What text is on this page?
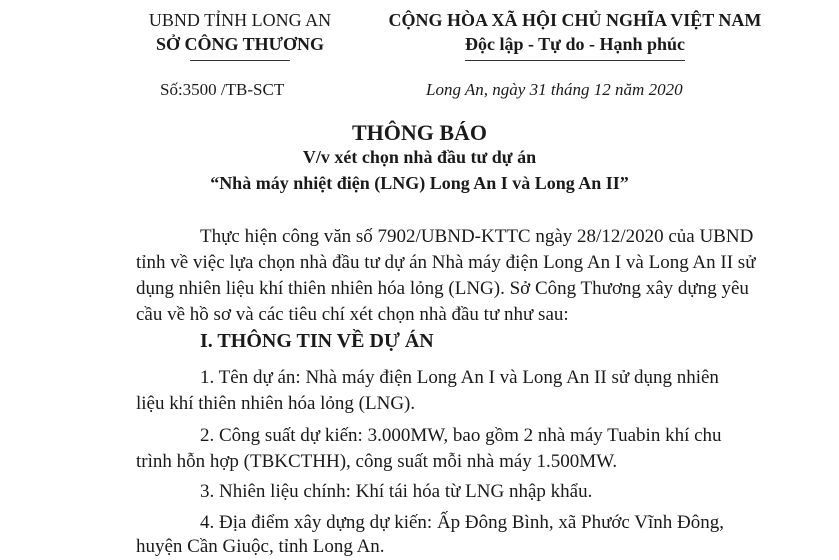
UBND TỈNH LONG AN
SỞ CÔNG THƯƠNG
CỘNG HÒA XÃ HỘI CHỦ NGHĨA VIỆT NAM
Độc lập - Tự do - Hạnh phúc
Số:3500 /TB-SCT	Long An, ngày 31 tháng 12 năm 2020
THÔNG BÁO
V/v xét chọn nhà đầu tư dự án
“Nhà máy nhiệt điện (LNG) Long An I và Long An II”
Thực hiện công văn số 7902/UBND-KTTC ngày 28/12/2020 của UBND
tỉnh về việc lựa chọn nhà đầu tư dự án Nhà máy điện Long An I và Long An II sử
dụng nhiên liệu khí thiên nhiên hóa lỏng (LNG). Sở Công Thương xây dựng yêu
cầu về hồ sơ và các tiêu chí xét chọn nhà đầu tư như sau:
I. THÔNG TIN VỀ DỰ ÁN
1. Tên dự án: Nhà máy điện Long An I và Long An II sử dụng nhiên
liệu khí thiên nhiên hóa lỏng (LNG).
2. Công suất dự kiến: 3.000MW, bao gồm 2 nhà máy Tuabin khí chu
trình hỗn hợp (TBKCTHH), công suất mỗi nhà máy 1.500MW.
3. Nhiên liệu chính: Khí tái hóa từ LNG nhập khẩu.
4. Địa điểm xây dựng dự kiến: Ấp Đông Bình, xã Phước Vĩnh Đông,
huyện Cần Giuộc, tỉnh Long An.
